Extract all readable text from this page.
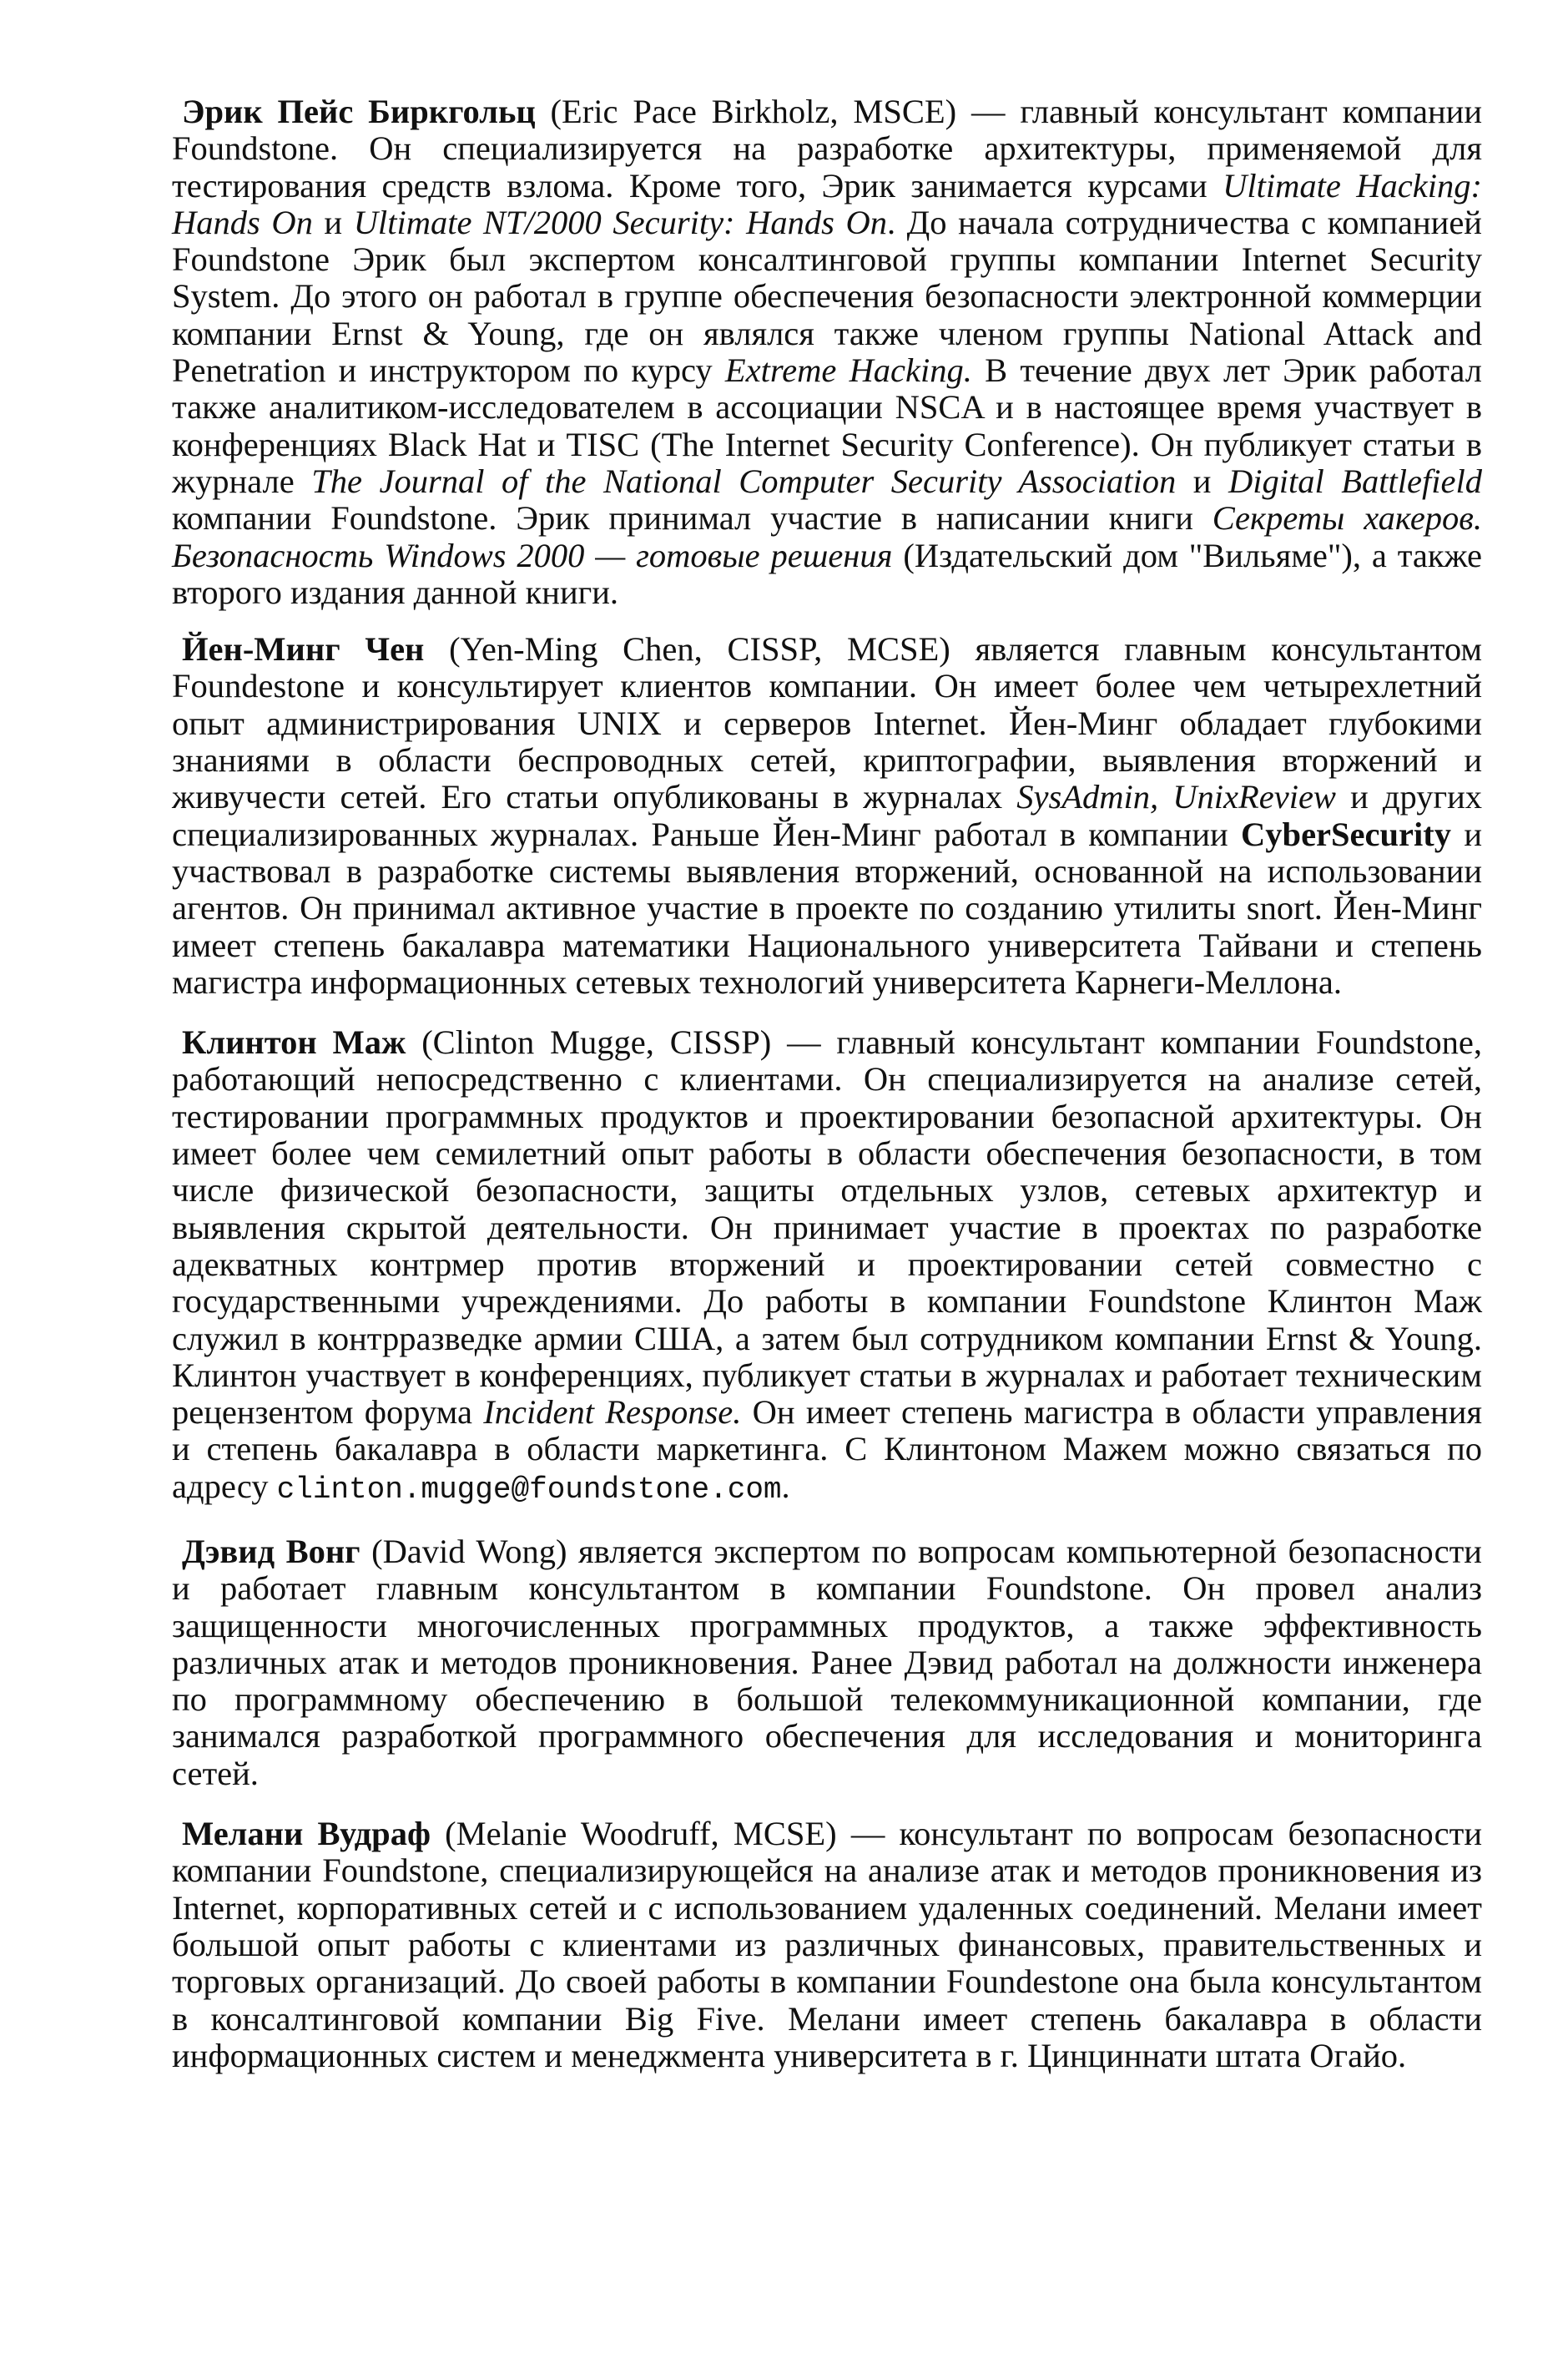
Эрик Пейс Биркгольц (Eric Pace Birkholz, MSCE) — главный консультант компании Foundstone. Он специализируется на разработке архитектуры, применяемой для тестирования средств взлома. Кроме того, Эрик занимается курсами Ultimate Hacking: Hands On и Ultimate NT/2000 Security: Hands On. До начала сотрудничества с компанией Foundstone Эрик был экспертом консалтинговой группы компании Internet Security System. До этого он работал в группе обеспечения безопасности электронной коммерции компании Ernst & Young, где он являлся также членом группы National Attack and Penetration и инструктором по курсу Extreme Hacking. В течение двух лет Эрик работал также аналитиком-исследователем в ассоциации NSCA и в настоящее время участвует в конференциях Black Hat и TISC (The Internet Security Conference). Он публикует статьи в журнале The Journal of the National Computer Security Association и Digital Battlefield компании Foundstone. Эрик принимал участие в написании книги Секреты хакеров. Безопасность Windows 2000 — готовые решения (Издательский дом "Вильяме"), а также второго издания данной книги.

Йен-Минг Чен (Yen-Ming Chen, CISSP, MCSE) является главным консультантом Foundestone и консультирует клиентов компании. Он имеет более чем четырехлетний опыт администрирования UNIX и серверов Internet. Йен-Минг обладает глубокими знаниями в области беспроводных сетей, криптографии, выявления вторжений и живучести сетей. Его статьи опубликованы в журналах SysAdmin, UnixReview и других специализированных журналах. Раньше Йен-Минг работал в компании CyberSecurity и участвовал в разработке системы выявления вторжений, основанной на использовании агентов. Он принимал активное участие в проекте по созданию утилиты snort. Йен-Минг имеет степень бакалавра математики Национального университета Тайвани и степень магистра информационных сетевых технологий университета Карнеги-Меллона.

Клинтон Маж (Clinton Mugge, CISSP) — главный консультант компании Foundstone, работающий непосредственно с клиентами. Он специализируется на анализе сетей, тестировании программных продуктов и проектировании безопасной архитектуры. Он имеет более чем семилетний опыт работы в области обеспечения безопасности, в том числе физической безопасности, защиты отдельных узлов, сетевых архитектур и выявления скрытой деятельности. Он принимает участие в проектах по разработке адекватных контрмер против вторжений и проектировании сетей совместно с государственными учреждениями. До работы в компании Foundstone Клинтон Маж служил в контрразведке армии США, а затем был сотрудником компании Ernst & Young. Клинтон участвует в конференциях, публикует статьи в журналах и работает техническим рецензентом форума Incident Response. Он имеет степень магистра в области управления и степень бакалавра в области маркетинга. С Клинтоном Мажем можно связаться по адресу clinton.mugge@foundstone.com.

Дэвид Вонг (David Wong) является экспертом по вопросам компьютерной безопасности и работает главным консультантом в компании Foundstone. Он провел анализ защищенности многочисленных программных продуктов, а также эффективность различных атак и методов проникновения. Ранее Дэвид работал на должности инженера по программному обеспечению в большой телекоммуникационной компании, где занимался разработкой программного обеспечения для исследования и мониторинга сетей.

Мелани Вудраф (Melanie Woodruff, MCSE) — консультант по вопросам безопасности компании Foundstone, специализирующейся на анализе атак и методов проникновения из Internet, корпоративных сетей и с использованием удаленных соединений. Мелани имеет большой опыт работы с клиентами из различных финансовых, правительственных и торговых организаций. До своей работы в компании Foundestone она была консультантом в консалтинговой компании Big Five. Мелани имеет степень бакалавра в области информационных систем и менеджмента университета в г. Цинциннати штата Огайо.
